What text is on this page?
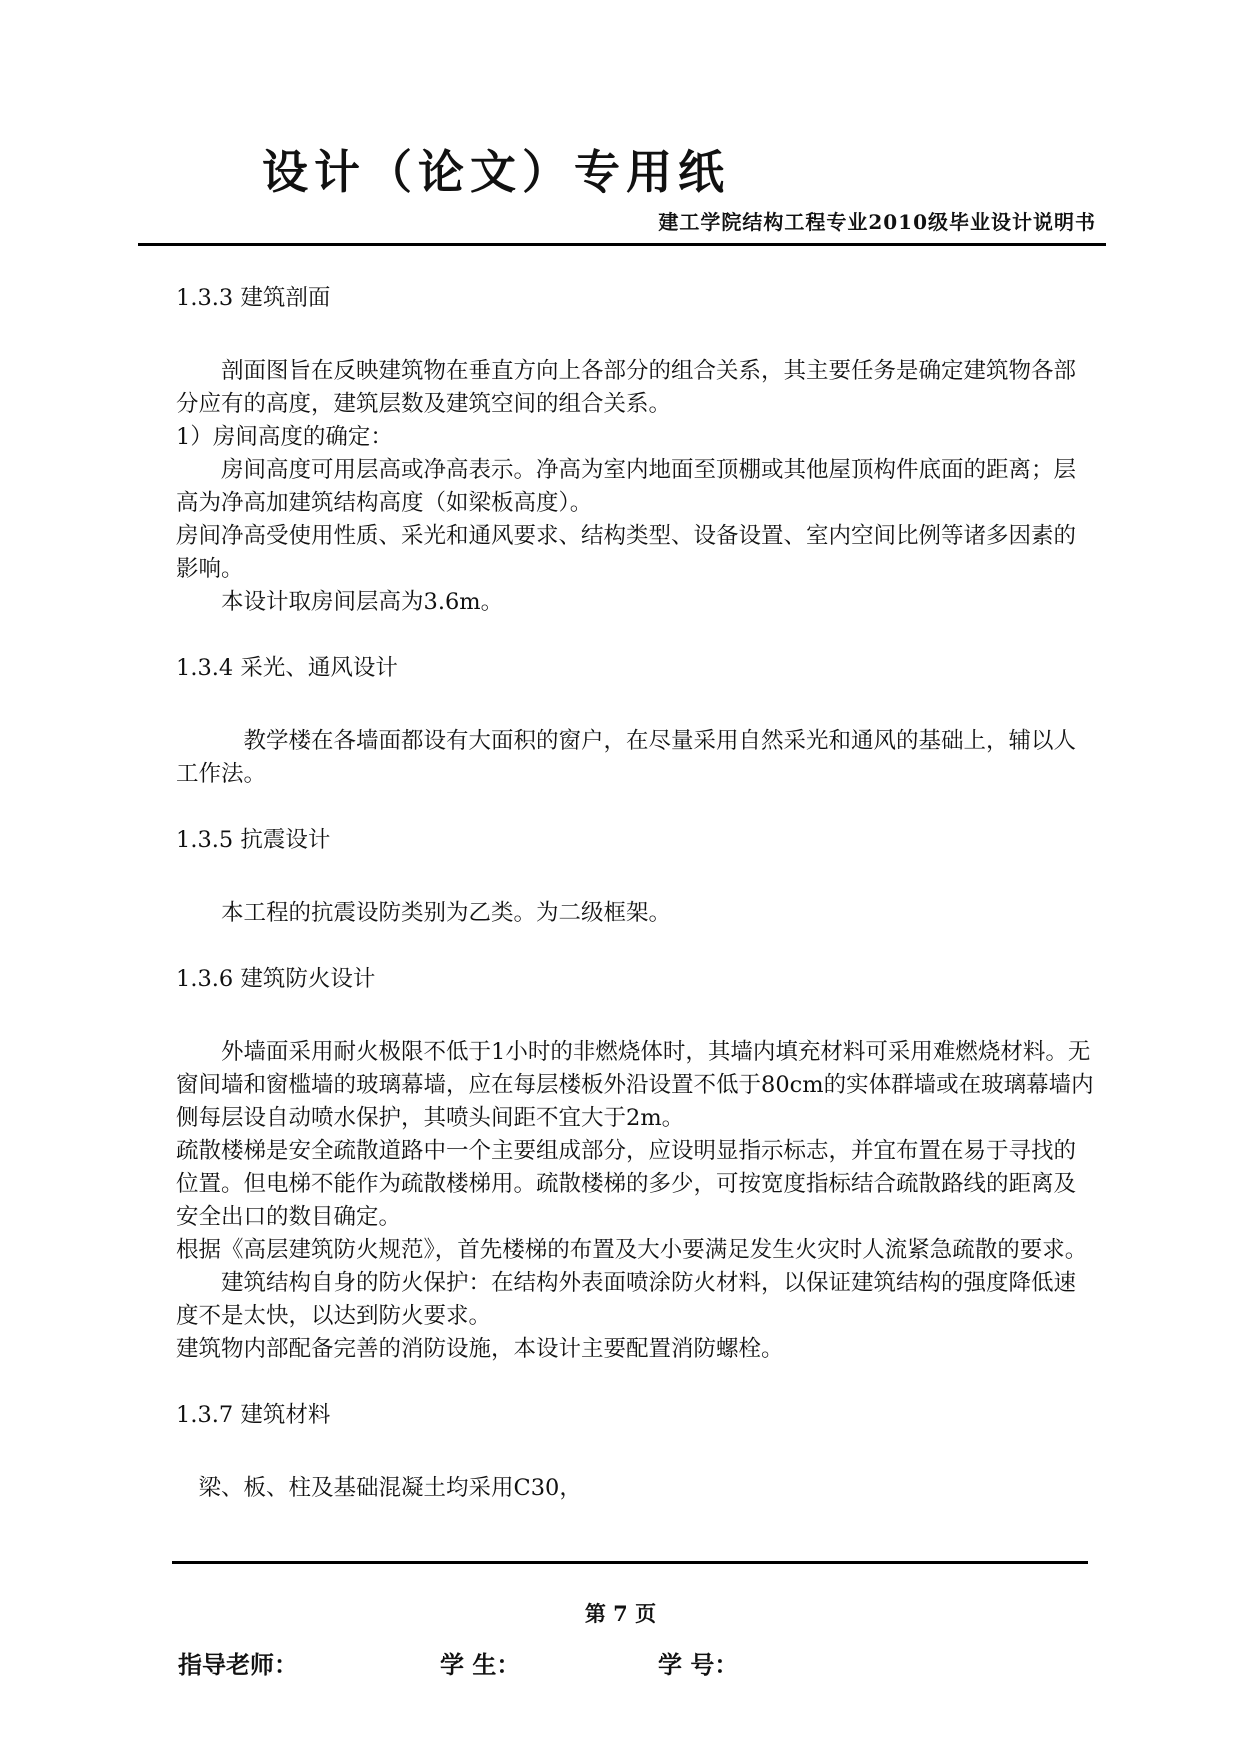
设计（论文）专用纸
建工学院结构工程专业2010级毕业设计说明书

1.3.3 建筑剖面

剖面图旨在反映建筑物在垂直方向上各部分的组合关系，其主要任务是确定建筑物各部分应有的高度，建筑层数及建筑空间的组合关系。

1）房间高度的确定：

房间高度可用层高或净高表示。净高为室内地面至顶棚或其他屋顶构件底面的距离；层高为净高加建筑结构高度（如梁板高度）。

房间净高受使用性质、采光和通风要求、结构类型、设备设置、室内空间比例等诸多因素的影响。

本设计取房间层高为3.6m。

1.3.4 采光、通风设计

教学楼在各墙面都设有大面积的窗户，在尽量采用自然采光和通风的基础上，辅以人工作法。

1.3.5 抗震设计

本工程的抗震设防类别为乙类。为二级框架。

1.3.6 建筑防火设计

外墙面采用耐火极限不低于1小时的非燃烧体时，其墙内填充材料可采用难燃烧材料。无窗间墙和窗槛墙的玻璃幕墙，应在每层楼板外沿设置不低于80cm的实体群墙或在玻璃幕墙内侧每层设自动喷水保护，其喷头间距不宜大于2m。

疏散楼梯是安全疏散道路中一个主要组成部分，应设明显指示标志，并宜布置在易于寻找的位置。但电梯不能作为疏散楼梯用。疏散楼梯的多少，可按宽度指标结合疏散路线的距离及安全出口的数目确定。

根据《高层建筑防火规范》，首先楼梯的布置及大小要满足发生火灾时人流紧急疏散的要求。

建筑结构自身的防火保护：在结构外表面喷涂防火材料，以保证建筑结构的强度降低速度不是太快，以达到防火要求。

建筑物内部配备完善的消防设施，本设计主要配置消防螺栓。

1.3.7 建筑材料

梁、板、柱及基础混凝土均采用C30，

第 7 页
指导老师：	学 生：	学 号：
